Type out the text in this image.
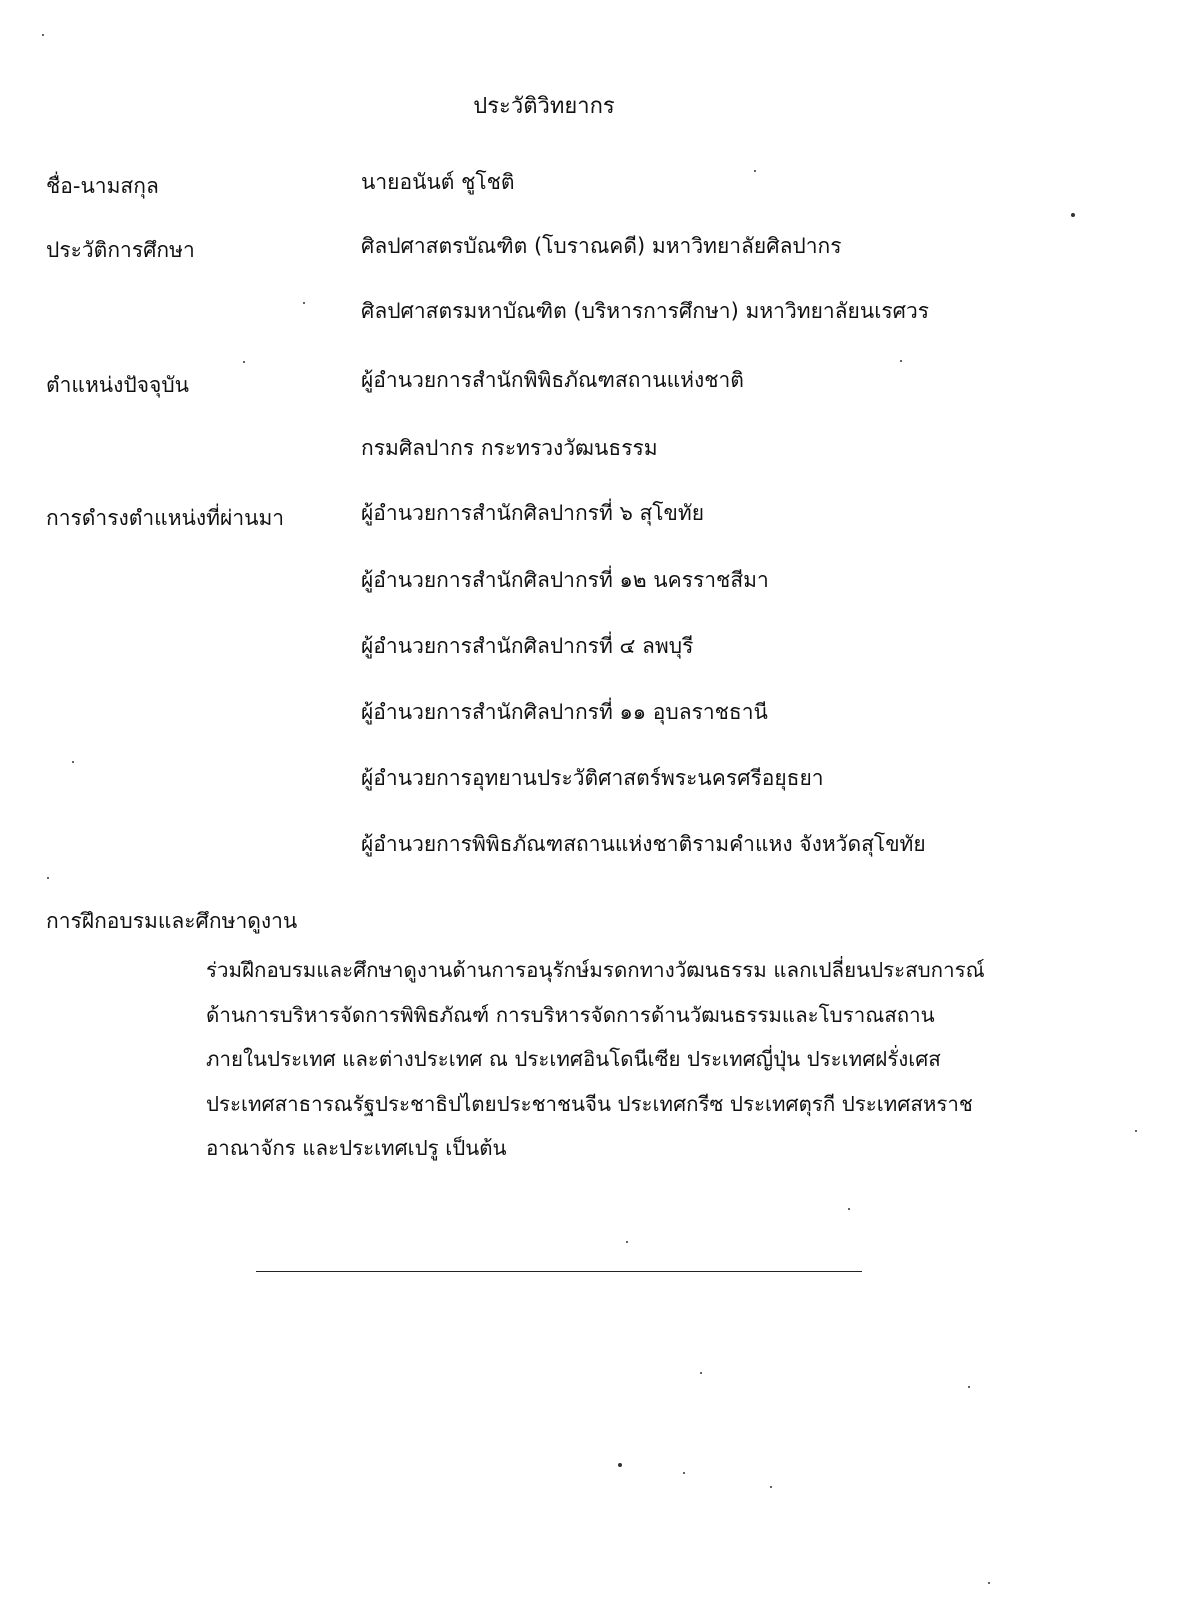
ประวัติวิทยากร
ชื่อ-นามสกุล	นายอนันต์ ชูโชติ
ประวัติการศึกษา	ศิลปศาสตรบัณฑิต (โบราณคดี) มหาวิทยาลัยศิลปากร
ศิลปศาสตรมหาบัณฑิต (บริหารการศึกษา) มหาวิทยาลัยนเรศวร
ตำแหน่งปัจจุบัน	ผู้อำนวยการสำนักพิพิธภัณฑสถานแห่งชาติ
กรมศิลปากร กระทรวงวัฒนธรรม
การดำรงตำแหน่งที่ผ่านมา	ผู้อำนวยการสำนักศิลปากรที่ ๖ สุโขทัย
ผู้อำนวยการสำนักศิลปากรที่ ๑๒ นครราชสีมา
ผู้อำนวยการสำนักศิลปากรที่ ๔ ลพบุรี
ผู้อำนวยการสำนักศิลปากรที่ ๑๑ อุบลราชธานี
ผู้อำนวยการอุทยานประวัติศาสตร์พระนครศรีอยุธยา
ผู้อำนวยการพิพิธภัณฑสถานแห่งชาติรามคำแหง จังหวัดสุโขทัย
การฝึกอบรมและศึกษาดูงาน

ร่วมฝึกอบรมและศึกษาดูงานด้านการอนุรักษ์มรดกทางวัฒนธรรม แลกเปลี่ยนประสบการณ์

ด้านการบริหารจัดการพิพิธภัณฑ์ การบริหารจัดการด้านวัฒนธรรมและโบราณสถาน

ภายในประเทศ และต่างประเทศ ณ ประเทศอินโดนีเซีย ประเทศญี่ปุ่น ประเทศฝรั่งเศส

ประเทศสาธารณรัฐประชาธิปไตยประชาชนจีน ประเทศกรีซ ประเทศตุรกี ประเทศสหราช

อาณาจักร และประเทศเปรู เป็นต้น
